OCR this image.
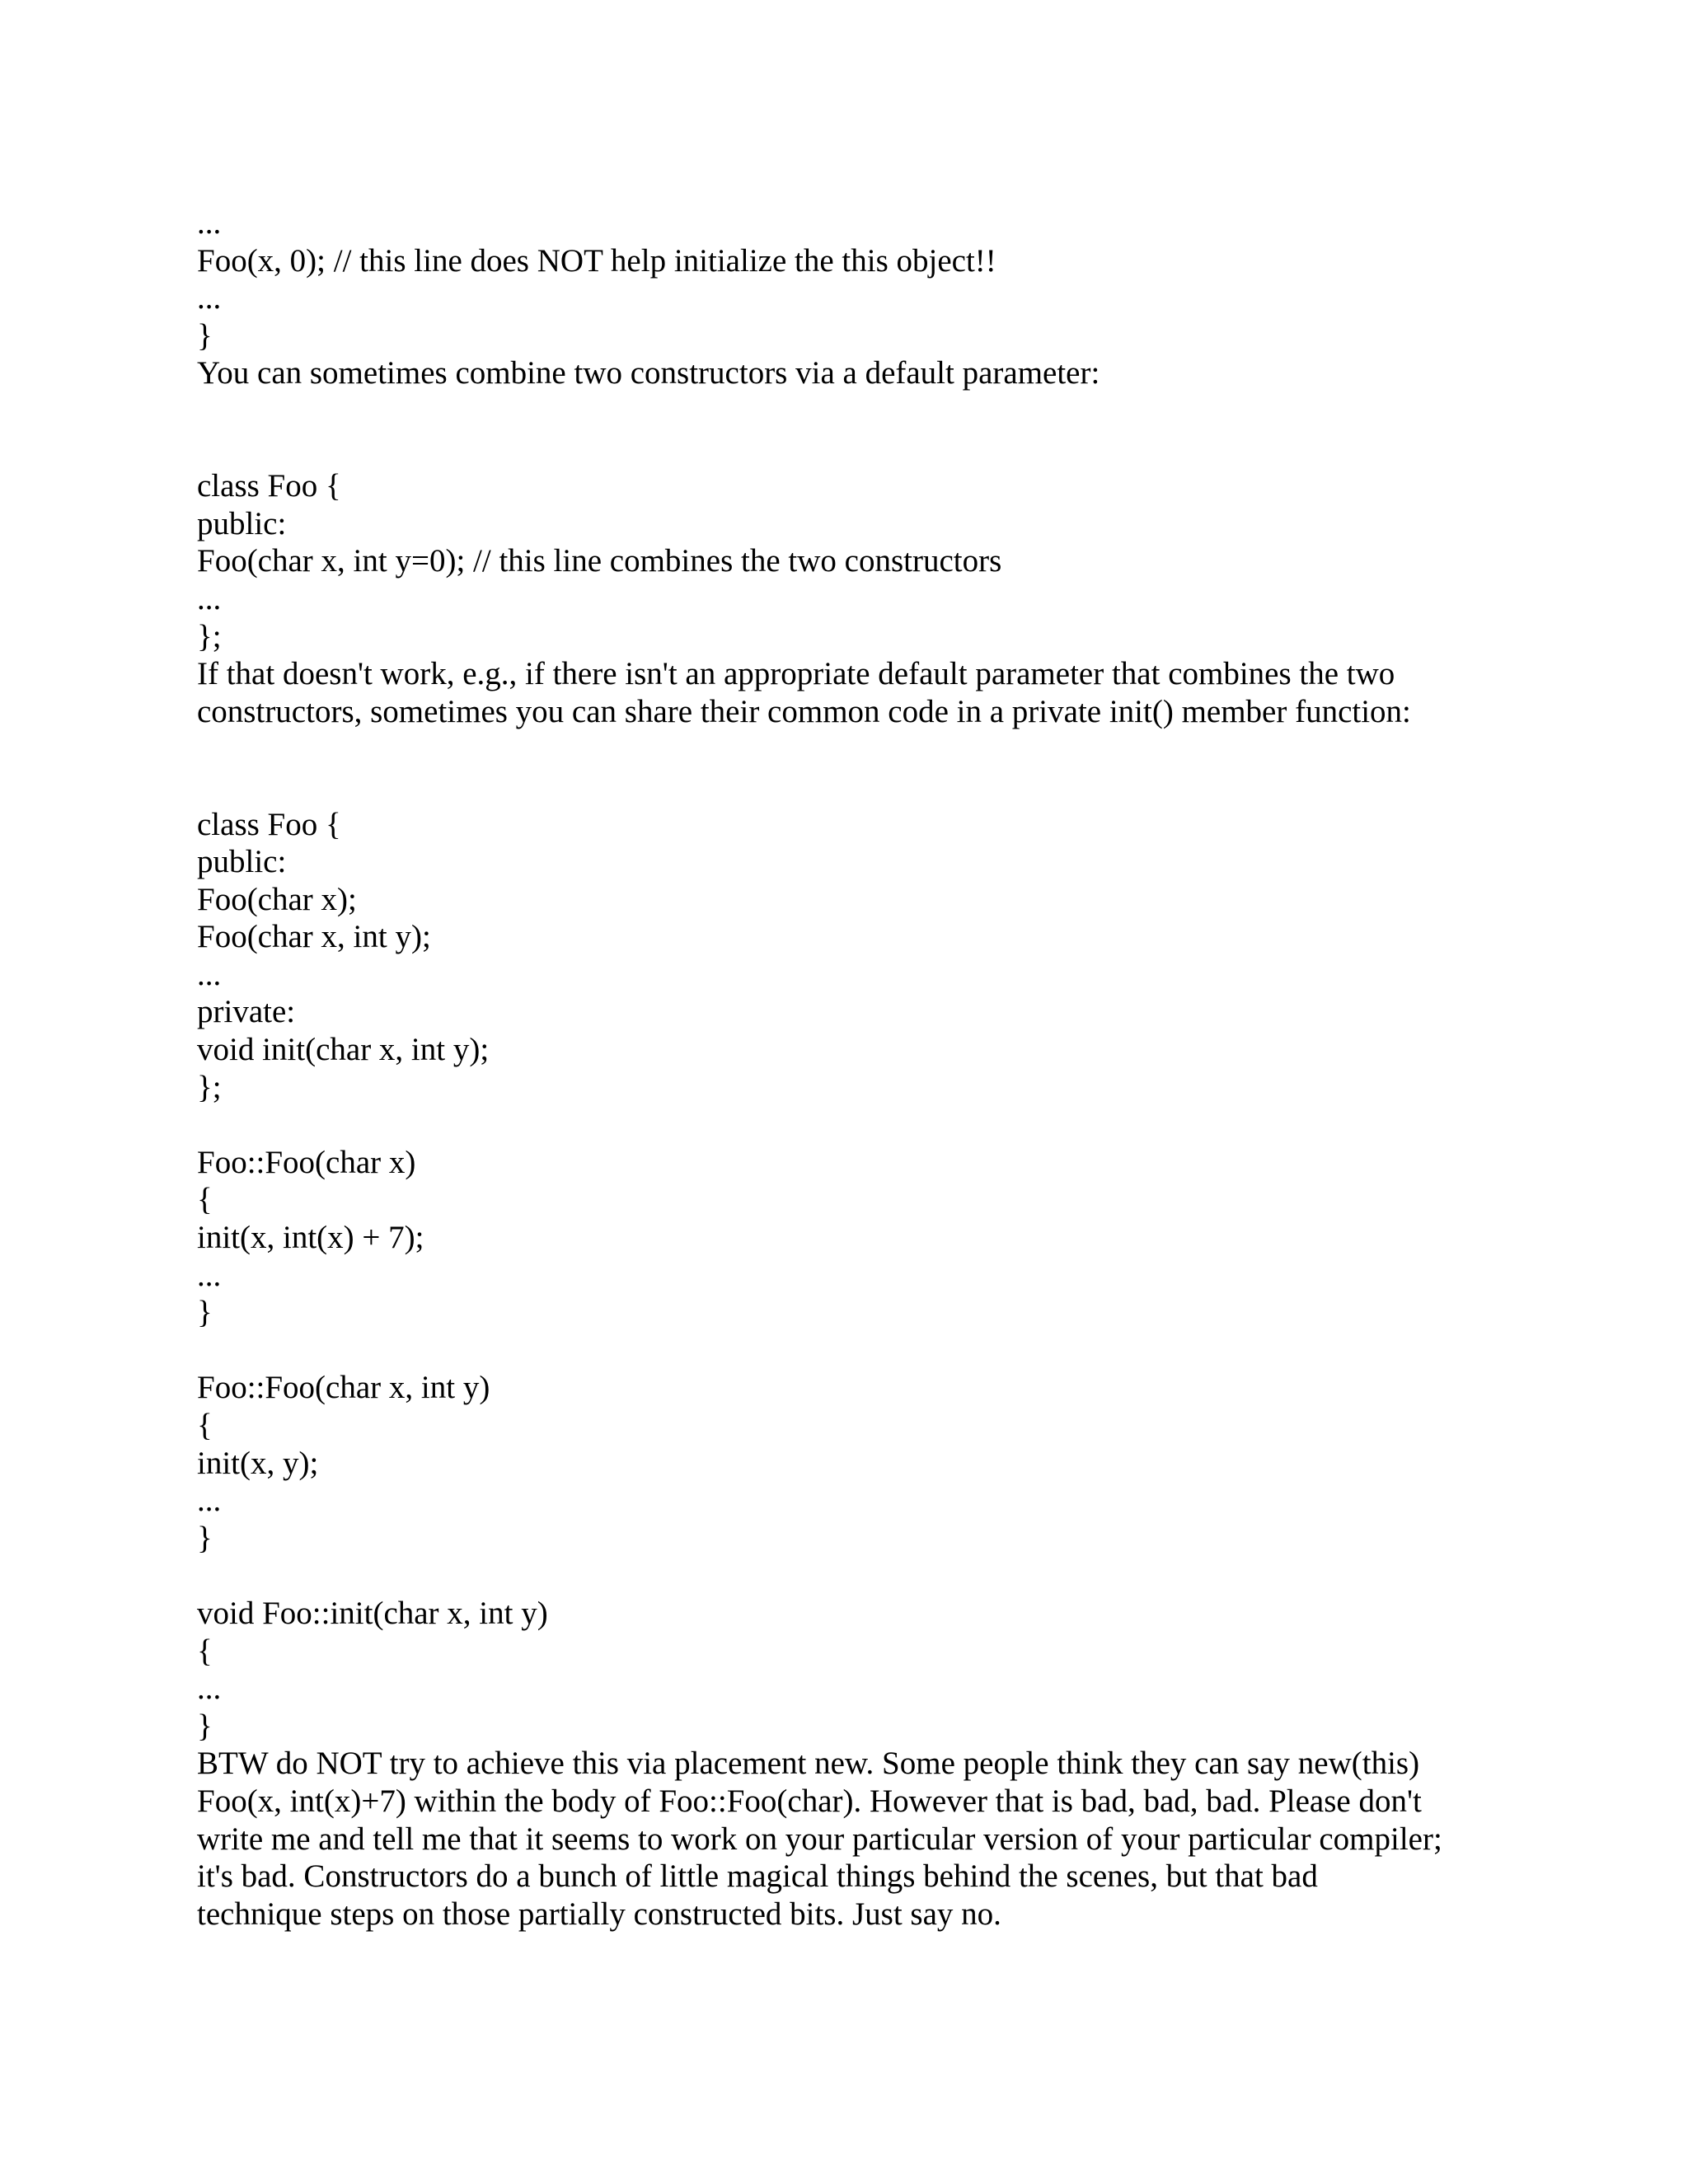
...
Foo(x, 0); // this line does NOT help initialize the this object!!
...
}
You can sometimes combine two constructors via a default parameter:
class Foo {
public:
Foo(char x, int y=0); // this line combines the two constructors
...
};
If that doesn't work, e.g., if there isn't an appropriate default parameter that combines the two
constructors, sometimes you can share their common code in a private init() member function:
class Foo {
public:
Foo(char x);
Foo(char x, int y);
...
private:
void init(char x, int y);
};
Foo::Foo(char x)
{
init(x, int(x) + 7);
...
}
Foo::Foo(char x, int y)
{
init(x, y);
...
}
void Foo::init(char x, int y)
{
...
}
BTW do NOT try to achieve this via placement new. Some people think they can say new(this)
Foo(x, int(x)+7) within the body of Foo::Foo(char). However that is bad, bad, bad. Please don't
write me and tell me that it seems to work on your particular version of your particular compiler;
it's bad. Constructors do a bunch of little magical things behind the scenes, but that bad
technique steps on those partially constructed bits. Just say no.
